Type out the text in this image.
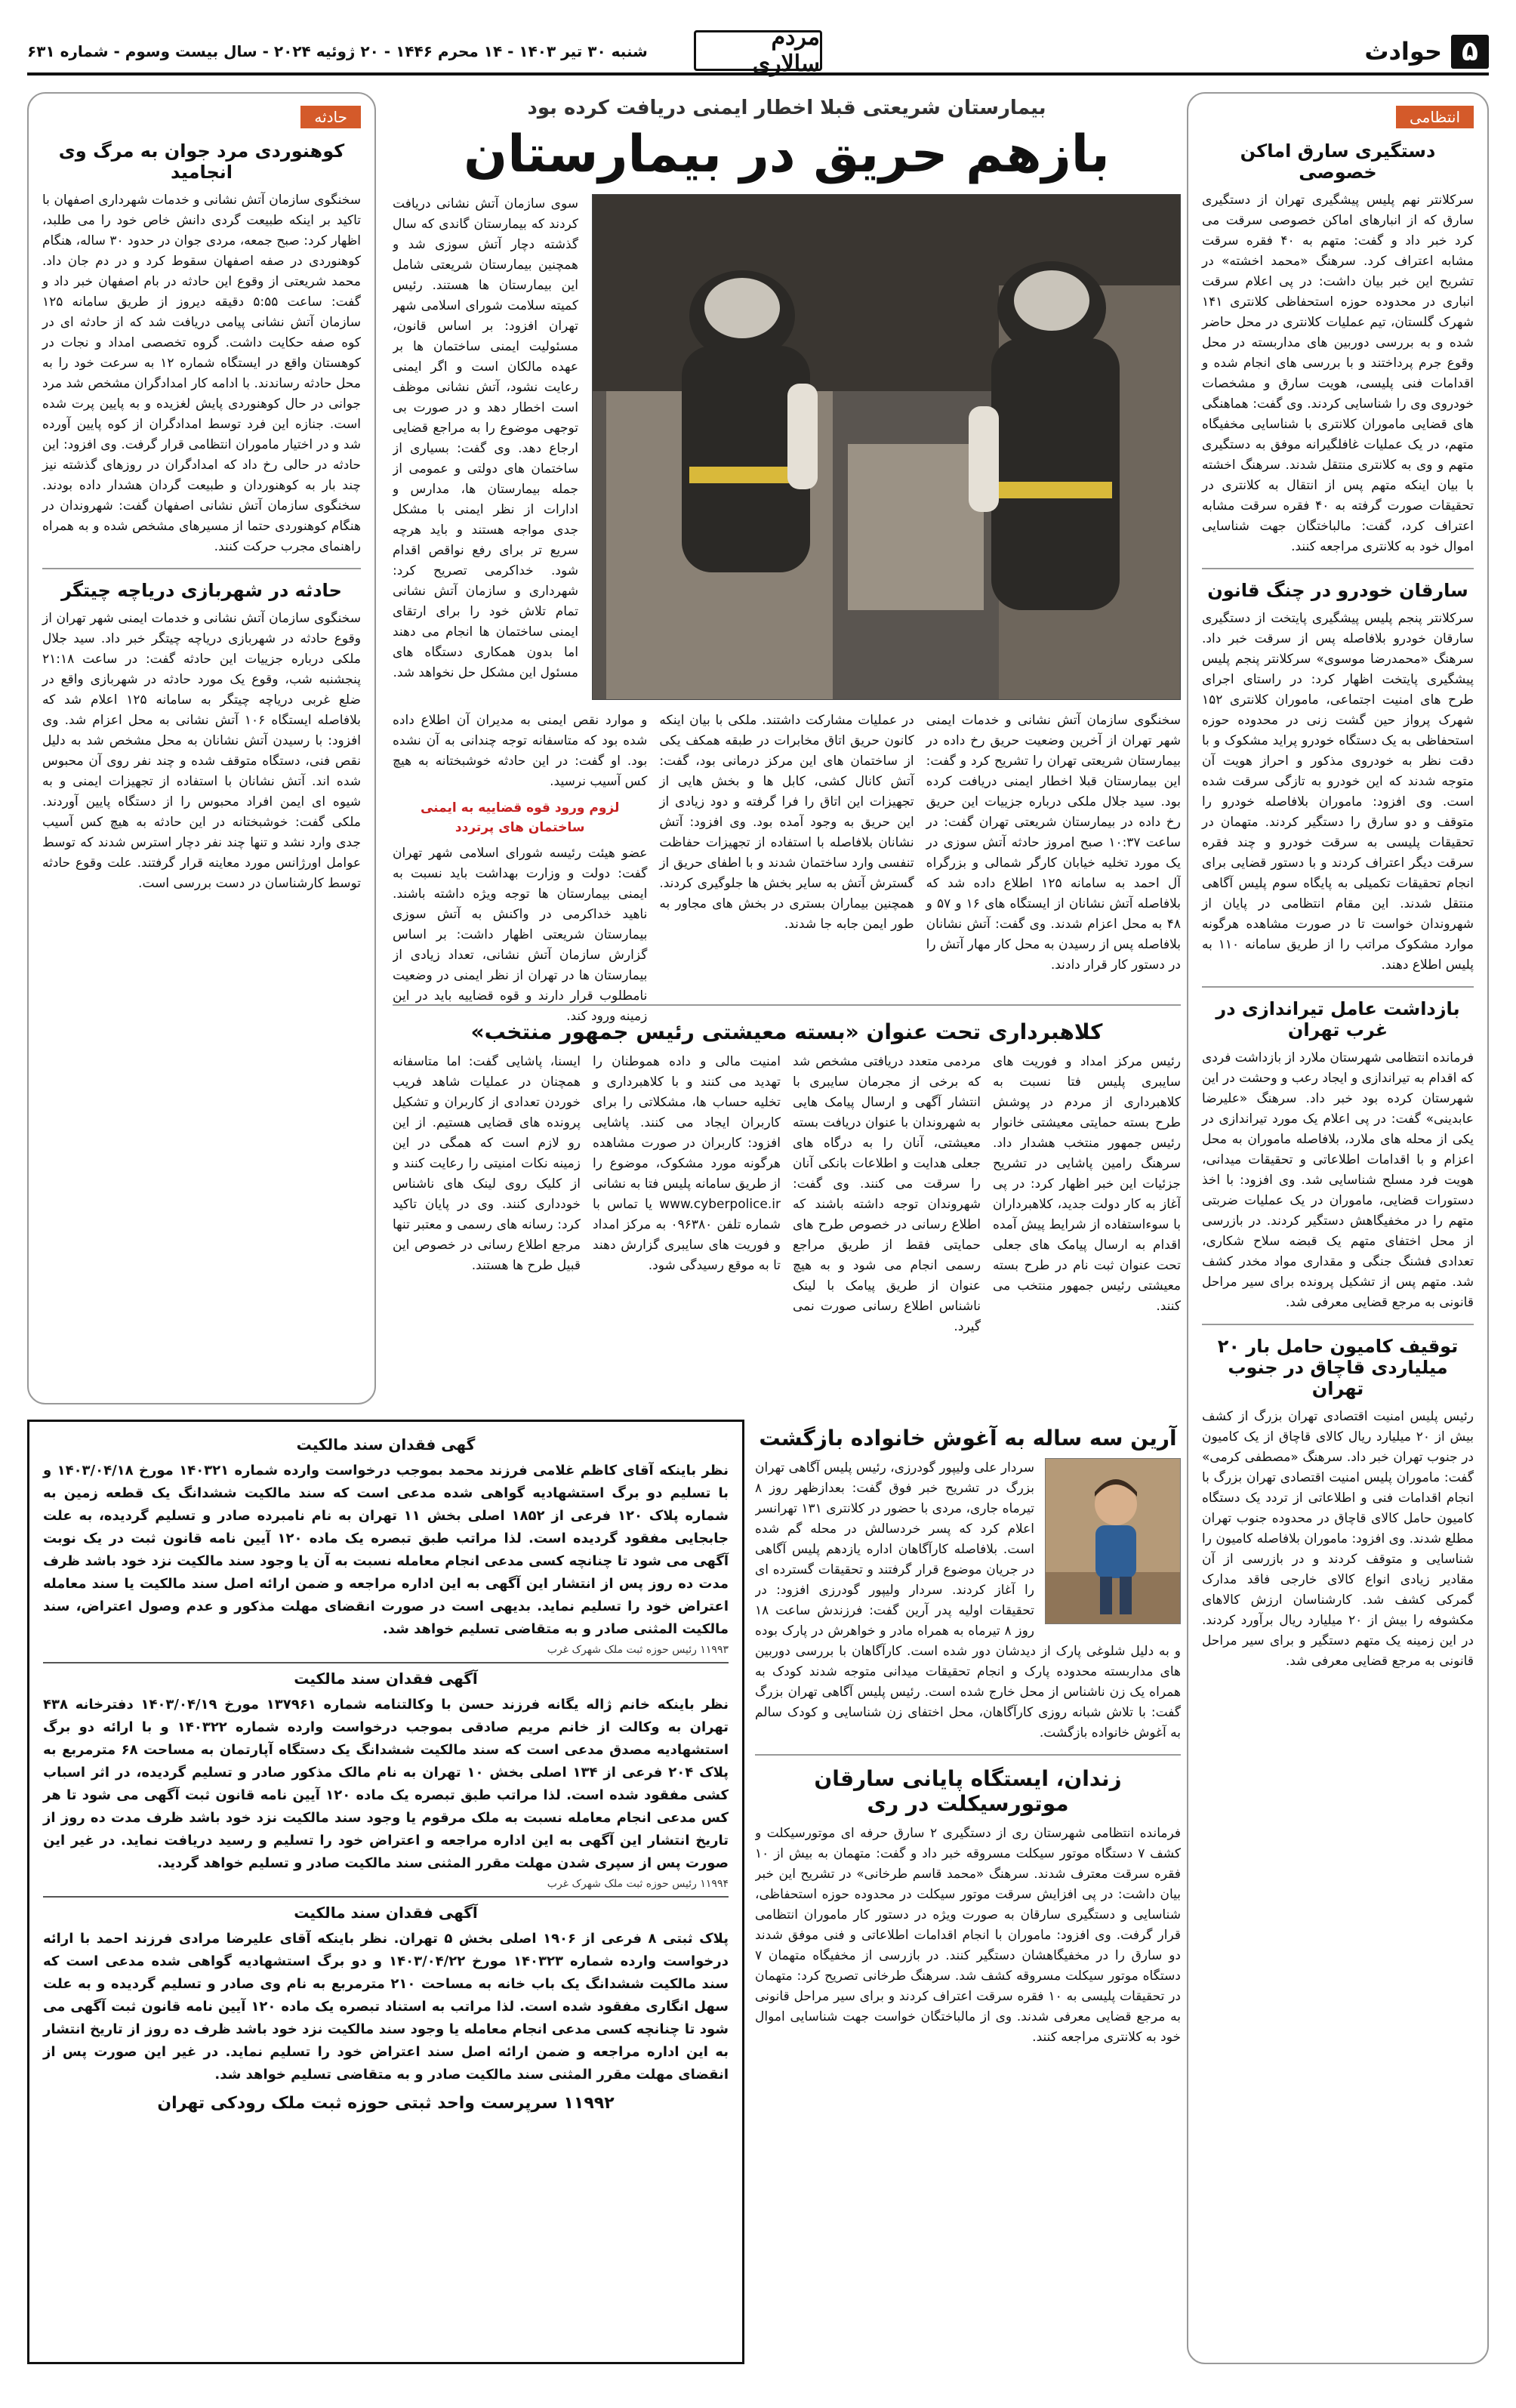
۵
حوادث
مردم سالاری
شنبه ۳۰ تیر ۱۴۰۳ - ۱۴ محرم ۱۴۴۶ - ۲۰ ژوئیه ۲۰۲۴ - سال بیست وسوم - شماره ۶۳۱
انتظامی
دستگیری سارق اماکن خصوصی

سرکلانتر نهم پلیس پیشگیری تهران از دستگیری سارق که از انبارهای اماکن خصوصی سرقت می کرد خبر داد و گفت: متهم به ۴۰ فقره سرقت مشابه اعتراف کرد. سرهنگ «محمد اخشته» در تشریح این خبر بیان داشت: در پی اعلام سرقت انباری در محدوده حوزه استحفاظی کلانتری ۱۴۱ شهرک گلستان، تیم عملیات کلانتری در محل حاضر شده و به بررسی دوربین های مداربسته در محل وقوع جرم پرداختند و با بررسی های انجام شده و اقدامات فنی پلیسی، هویت سارق و مشخصات خودروی وی را شناسایی کردند. وی گفت: هماهنگی های قضایی ماموران کلانتری با شناسایی مخفیگاه متهم، در یک عملیات غافلگیرانه موفق به دستگیری متهم و وی به کلانتری منتقل شدند. سرهنگ اخشته با بیان اینکه متهم پس از انتقال به کلانتری در تحقیقات صورت گرفته به ۴۰ فقره سرقت مشابه اعتراف کرد، گفت: مالباختگان جهت شناسایی اموال خود به کلانتری مراجعه کنند.

سارقان خودرو در چنگ قانون

سرکلانتر پنجم پلیس پیشگیری پایتخت از دستگیری سارقان خودرو بلافاصله پس از سرقت خبر داد. سرهنگ «محمدرضا موسوی» سرکلانتر پنجم پلیس پیشگیری پایتخت اظهار کرد: در راستای اجرای طرح های امنیت اجتماعی، ماموران کلانتری ۱۵۲ شهرک پرواز حین گشت زنی در محدوده حوزه استحفاظی به یک دستگاه خودرو پراید مشکوک و با دقت نظر به خودروی مذکور و احراز هویت آن متوجه شدند که این خودرو به تازگی سرقت شده است. وی افزود: ماموران بلافاصله خودرو را متوقف و دو سارق را دستگیر کردند. متهمان در تحقیقات پلیسی به سرقت خودرو و چند فقره سرقت دیگر اعتراف کردند و با دستور قضایی برای انجام تحقیقات تکمیلی به پایگاه سوم پلیس آگاهی منتقل شدند. این مقام انتظامی در پایان از شهروندان خواست تا در صورت مشاهده هرگونه موارد مشکوک مراتب را از طریق سامانه ۱۱۰ به پلیس اطلاع دهند.

بازداشت عامل تیراندازی در غرب تهران

فرمانده انتظامی شهرستان ملارد از بازداشت فردی که اقدام به تیراندازی و ایجاد رعب و وحشت در این شهرستان کرده بود خبر داد. سرهنگ «علیرضا عابدینی» گفت: در پی اعلام یک مورد تیراندازی در یکی از محله های ملارد، بلافاصله ماموران به محل اعزام و با اقدامات اطلاعاتی و تحقیقات میدانی، هویت فرد مسلح شناسایی شد. وی افزود: با اخذ دستورات قضایی، ماموران در یک عملیات ضربتی متهم را در مخفیگاهش دستگیر کردند. در بازرسی از محل اختفای متهم یک قبضه سلاح شکاری، تعدادی فشنگ جنگی و مقداری مواد مخدر کشف شد. متهم پس از تشکیل پرونده برای سیر مراحل قانونی به مرجع قضایی معرفی شد.

توقیف کامیون حامل بار ۲۰ میلیاردی قاچاق در جنوب تهران

رئیس پلیس امنیت اقتصادی تهران بزرگ از کشف بیش از ۲۰ میلیارد ریال کالای قاچاق از یک کامیون در جنوب تهران خبر داد. سرهنگ «مصطفی کرمی» گفت: ماموران پلیس امنیت اقتصادی تهران بزرگ با انجام اقدامات فنی و اطلاعاتی از تردد یک دستگاه کامیون حامل کالای قاچاق در محدوده جنوب تهران مطلع شدند. وی افزود: ماموران بلافاصله کامیون را شناسایی و متوقف کردند و در بازرسی از آن مقادیر زیادی انواع کالای خارجی فاقد مدارک گمرکی کشف شد. کارشناسان ارزش کالاهای مکشوفه را بیش از ۲۰ میلیارد ریال برآورد کردند. در این زمینه یک متهم دستگیر و برای سیر مراحل قانونی به مرجع قضایی معرفی شد.

بیمارستان شریعتی قبلا اخطار ایمنی دریافت کرده بود
بازهم حریق در بیمارستان

سوی سازمان آتش نشانی دریافت کردند که بیمارستان گاندی که سال گذشته دچار آتش سوزی شد و همچنین بیمارستان شریعتی شامل این بیمارستان ها هستند. رئیس کمیته سلامت شورای اسلامی شهر تهران افزود: بر اساس قانون، مسئولیت ایمنی ساختمان ها بر عهده مالکان است و اگر ایمنی رعایت نشود، آتش نشانی موظف است اخطار دهد و در صورت بی توجهی موضوع را به مراجع قضایی ارجاع دهد. وی گفت: بسیاری از ساختمان های دولتی و عمومی از جمله بیمارستان ها، مدارس و ادارات از نظر ایمنی با مشکل جدی مواجه هستند و باید هرچه سریع تر برای رفع نواقص اقدام شود. خداکرمی تصریح کرد: شهرداری و سازمان آتش نشانی تمام تلاش خود را برای ارتقای ایمنی ساختمان ها انجام می دهند اما بدون همکاری دستگاه های مسئول این مشکل حل نخواهد شد.

سخنگوی سازمان آتش نشانی و خدمات ایمنی شهر تهران از آخرین وضعیت حریق رخ داده در بیمارستان شریعتی تهران را تشریح کرد و گفت: این بیمارستان قبلا اخطار ایمنی دریافت کرده بود. سید جلال ملکی درباره جزییات این حریق رخ داده در بیمارستان شریعتی تهران گفت: در ساعت ۱۰:۳۷ صبح امروز حادثه آتش سوزی در یک مورد تخلیه خیابان کارگر شمالی و بزرگراه آل احمد به سامانه ۱۲۵ اطلاع داده شد که بلافاصله آتش نشانان از ایستگاه های ۱۶ و ۵۷ و ۴۸ به محل اعزام شدند. وی گفت: آتش نشانان بلافاصله پس از رسیدن به محل کار مهار آتش را در دستور کار قرار دادند.

در عملیات مشارکت داشتند. ملکی با بیان اینکه کانون حریق اتاق مخابرات در طبقه همکف یکی از ساختمان های این مرکز درمانی بود، گفت: آتش کانال کشی، کابل ها و بخش هایی از تجهیزات این اتاق را فرا گرفته و دود زیادی از این حریق به وجود آمده بود. وی افزود: آتش نشانان بلافاصله با استفاده از تجهیزات حفاظت تنفسی وارد ساختمان شدند و با اطفای حریق از گسترش آتش به سایر بخش ها جلوگیری کردند. همچنین بیماران بستری در بخش های مجاور به طور ایمن جابه جا شدند.

و موارد نقص ایمنی به مدیران آن اطلاع داده شده بود که متاسفانه توجه چندانی به آن نشده بود. او گفت: در این حادثه خوشبختانه به هیچ کس آسیب نرسید.

لزوم ورود قوه قضاییه به ایمنی ساختمان های پرتردد

عضو هیئت رئیسه شورای اسلامی شهر تهران گفت: دولت و وزارت بهداشت باید نسبت به ایمنی بیمارستان ها توجه ویژه داشته باشند. ناهید خداکرمی در واکنش به آتش سوزی بیمارستان شریعتی اظهار داشت: بر اساس گزارش سازمان آتش نشانی، تعداد زیادی از بیمارستان ها در تهران از نظر ایمنی در وضعیت نامطلوب قرار دارند و قوه قضاییه باید در این زمینه ورود کند.

کلاهبرداری تحت عنوان «بسته معیشتی رئیس جمهور منتخب»

رئیس مرکز امداد و فوریت های سایبری پلیس فتا نسبت به کلاهبرداری از مردم در پوشش طرح بسته حمایتی معیشتی خانوار رئیس جمهور منتخب هشدار داد. سرهنگ رامین پاشایی در تشریح جزئیات این خبر اظهار کرد: در پی آغاز به کار دولت جدید، کلاهبرداران با سوءاستفاده از شرایط پیش آمده اقدام به ارسال پیامک های جعلی تحت عنوان ثبت نام در طرح بسته معیشتی رئیس جمهور منتخب می کنند.

مردمی متعدد دریافتی مشخص شد که برخی از مجرمان سایبری با انتشار آگهی و ارسال پیامک هایی به شهروندان با عنوان دریافت بسته معیشتی، آنان را به درگاه های جعلی هدایت و اطلاعات بانکی آنان را سرقت می کنند. وی گفت: شهروندان توجه داشته باشند که اطلاع رسانی در خصوص طرح های حمایتی فقط از طریق مراجع رسمی انجام می شود و به هیچ عنوان از طریق پیامک با لینک ناشناس اطلاع رسانی صورت نمی گیرد.

امنیت مالی و داده هموطنان را تهدید می کنند و با کلاهبرداری و تخلیه حساب ها، مشکلاتی را برای کاربران ایجاد می کنند. پاشایی افزود: کاربران در صورت مشاهده هرگونه مورد مشکوک، موضوع را از طریق سامانه پلیس فتا به نشانی www.cyberpolice.ir یا تماس با شماره تلفن ۰۹۶۳۸۰ به مرکز امداد و فوریت های سایبری گزارش دهند تا به موقع رسیدگی شود.

ایسنا، پاشایی گفت: اما متاسفانه همچنان در عملیات شاهد فریب خوردن تعدادی از کاربران و تشکیل پرونده های قضایی هستیم. از این رو لازم است که همگی در این زمینه نکات امنیتی را رعایت کنند و از کلیک روی لینک های ناشناس خودداری کنند. وی در پایان تاکید کرد: رسانه های رسمی و معتبر تنها مرجع اطلاع رسانی در خصوص این قبیل طرح ها هستند.

حادثه
کوهنوردی مرد جوان به مرگ وی انجامید

سخنگوی سازمان آتش نشانی و خدمات شهرداری اصفهان با تاکید بر اینکه طبیعت گردی دانش خاص خود را می طلبد، اظهار کرد: صبح جمعه، مردی جوان در حدود ۳۰ ساله، هنگام کوهنوردی در صفه اصفهان سقوط کرد و در دم جان داد. محمد شریعتی از وقوع این حادثه در بام اصفهان خبر داد و گفت: ساعت ۵:۵۵ دقیقه دیروز از طریق سامانه ۱۲۵ سازمان آتش نشانی پیامی دریافت شد که از حادثه ای در کوه صفه حکایت داشت. گروه تخصصی امداد و نجات در کوهستان واقع در ایستگاه شماره ۱۲ به سرعت خود را به محل حادثه رساندند. با ادامه کار امدادگران مشخص شد مرد جوانی در حال کوهنوردی پایش لغزیده و به پایین پرت شده است. جنازه این فرد توسط امدادگران از کوه پایین آورده شد و در اختیار ماموران انتظامی قرار گرفت. وی افزود: این حادثه در حالی رخ داد که امدادگران در روزهای گذشته نیز چند بار به کوهنوردان و طبیعت گردان هشدار داده بودند. سخنگوی سازمان آتش نشانی اصفهان گفت: شهروندان در هنگام کوهنوردی حتما از مسیرهای مشخص شده و به همراه راهنمای مجرب حرکت کنند.

حادثه در شهربازی دریاچه چیتگر

سخنگوی سازمان آتش نشانی و خدمات ایمنی شهر تهران از وقوع حادثه در شهربازی دریاچه چیتگر خبر داد. سید جلال ملکی درباره جزییات این حادثه گفت: در ساعت ۲۱:۱۸ پنجشنبه شب، وقوع یک مورد حادثه در شهربازی واقع در ضلع غربی دریاچه چیتگر به سامانه ۱۲۵ اعلام شد که بلافاصله ایستگاه ۱۰۶ آتش نشانی به محل اعزام شد. وی افزود: با رسیدن آتش نشانان به محل مشخص شد به دلیل نقص فنی، دستگاه متوقف شده و چند نفر روی آن محبوس شده اند. آتش نشانان با استفاده از تجهیزات ایمنی و به شیوه ای ایمن افراد محبوس را از دستگاه پایین آوردند. ملکی گفت: خوشبختانه در این حادثه به هیچ کس آسیب جدی وارد نشد و تنها چند نفر دچار استرس شدند که توسط عوامل اورژانس مورد معاینه قرار گرفتند. علت وقوع حادثه توسط کارشناسان در دست بررسی است.

آرین سه ساله به آغوش خانواده بازگشت

سردار علی ولیپور گودرزی، رئیس پلیس آگاهی تهران بزرگ در تشریح خبر فوق گفت: بعدازظهر روز ۸ تیرماه جاری، مردی با حضور در کلانتری ۱۳۱ تهرانسر اعلام کرد که پسر خردسالش در محله گم شده است. بلافاصله کارآگاهان اداره یازدهم پلیس آگاهی در جریان موضوع قرار گرفتند و تحقیقات گسترده ای را آغاز کردند. سردار ولیپور گودرزی افزود: در تحقیقات اولیه پدر آرین گفت: فرزندش ساعت ۱۸ روز ۸ تیرماه به همراه مادر و خواهرش در پارک بوده و به دلیل شلوغی پارک از دیدشان دور شده است. کارآگاهان با بررسی دوربین های مداربسته محدوده پارک و انجام تحقیقات میدانی متوجه شدند کودک به همراه یک زن ناشناس از محل خارج شده است. رئیس پلیس آگاهی تهران بزرگ گفت: با تلاش شبانه روزی کارآگاهان، محل اختفای زن شناسایی و کودک سالم به آغوش خانواده بازگشت.

زندان، ایستگاه پایانی سارقان موتورسیکلت در ری

فرمانده انتظامی شهرستان ری از دستگیری ۲ سارق حرفه ای موتورسیکلت و کشف ۷ دستگاه موتور سیکلت مسروقه خبر داد و گفت: متهمان به بیش از ۱۰ فقره سرقت معترف شدند. سرهنگ «محمد قاسم طرخانی» در تشریح این خبر بیان داشت: در پی افزایش سرقت موتور سیکلت در محدوده حوزه استحفاظی، شناسایی و دستگیری سارقان به صورت ویژه در دستور کار ماموران انتظامی قرار گرفت. وی افزود: ماموران با انجام اقدامات اطلاعاتی و فنی موفق شدند دو سارق را در مخفیگاهشان دستگیر کنند. در بازرسی از مخفیگاه متهمان ۷ دستگاه موتور سیکلت مسروقه کشف شد. سرهنگ طرخانی تصریح کرد: متهمان در تحقیقات پلیسی به ۱۰ فقره سرقت اعتراف کردند و برای سیر مراحل قانونی به مرجع قضایی معرفی شدند. وی از مالباختگان خواست جهت شناسایی اموال خود به کلانتری مراجعه کنند.

گهی فقدان سند مالکیت
نظر باینکه آقای کاظم غلامی فرزند محمد بموجب درخواست وارده شماره ۱۴۰۳۲۱ مورخ ۱۴۰۳/۰۴/۱۸ و با تسلیم دو برگ استشهادیه گواهی شده مدعی است که سند مالکیت ششدانگ یک قطعه زمین به شماره پلاک ۱۲۰ فرعی از ۱۸۵۲ اصلی بخش ۱۱ تهران به نام نامبرده صادر و تسلیم گردیده، به علت جابجایی مفقود گردیده است. لذا مراتب طبق تبصره یک ماده ۱۲۰ آیین نامه قانون ثبت در یک نوبت آگهی می شود تا چنانچه کسی مدعی انجام معامله نسبت به آن یا وجود سند مالکیت نزد خود باشد ظرف مدت ده روز پس از انتشار این آگهی به این اداره مراجعه و ضمن ارائه اصل سند مالکیت یا سند معامله اعتراض خود را تسلیم نماید. بدیهی است در صورت انقضای مهلت مذکور و عدم وصول اعتراض، سند مالکیت المثنی صادر و به متقاضی تسلیم خواهد شد.
۱۱۹۹۳ رئیس حوزه ثبت ملک شهرک غرب
آگهی فقدان سند مالکیت
نظر باینکه خانم ژاله یگانه فرزند حسن با وکالتنامه شماره ۱۳۷۹۶۱ مورخ ۱۴۰۳/۰۴/۱۹ دفترخانه ۴۳۸ تهران به وکالت از خانم مریم صادقی بموجب درخواست وارده شماره ۱۴۰۳۲۲ و با ارائه دو برگ استشهادیه مصدق مدعی است که سند مالکیت ششدانگ یک دستگاه آپارتمان به مساحت ۶۸ مترمربع به پلاک ۲۰۴ فرعی از ۱۳۴ اصلی بخش ۱۰ تهران به نام مالک مذکور صادر و تسلیم گردیده، در اثر اسباب کشی مفقود شده است. لذا مراتب طبق تبصره یک ماده ۱۲۰ آیین نامه قانون ثبت آگهی می شود تا هر کس مدعی انجام معامله نسبت به ملک مرقوم یا وجود سند مالکیت نزد خود باشد ظرف مدت ده روز از تاریخ انتشار این آگهی به این اداره مراجعه و اعتراض خود را تسلیم و رسید دریافت نماید. در غیر این صورت پس از سپری شدن مهلت مقرر المثنی سند مالکیت صادر و تسلیم خواهد گردید.
۱۱۹۹۴ رئیس حوزه ثبت ملک شهرک غرب
آگهی فقدان سند مالکیت
پلاک ثبتی ۸ فرعی از ۱۹۰۶ اصلی بخش ۵ تهران. نظر باینکه آقای علیرضا مرادی فرزند احمد با ارائه درخواست وارده شماره ۱۴۰۳۲۳ مورخ ۱۴۰۳/۰۴/۲۲ و دو برگ استشهادیه گواهی شده مدعی است که سند مالکیت ششدانگ یک باب خانه به مساحت ۲۱۰ مترمربع به نام وی صادر و تسلیم گردیده و به علت سهل انگاری مفقود شده است. لذا مراتب به استناد تبصره یک ماده ۱۲۰ آیین نامه قانون ثبت آگهی می شود تا چنانچه کسی مدعی انجام معامله یا وجود سند مالکیت نزد خود باشد ظرف ده روز از تاریخ انتشار به این اداره مراجعه و ضمن ارائه اصل سند اعتراض خود را تسلیم نماید. در غیر این صورت پس از انقضای مهلت مقرر المثنی سند مالکیت صادر و به متقاضی تسلیم خواهد شد.
۱۱۹۹۲ سرپرست واحد ثبتی حوزه ثبت ملک رودکی تهران
